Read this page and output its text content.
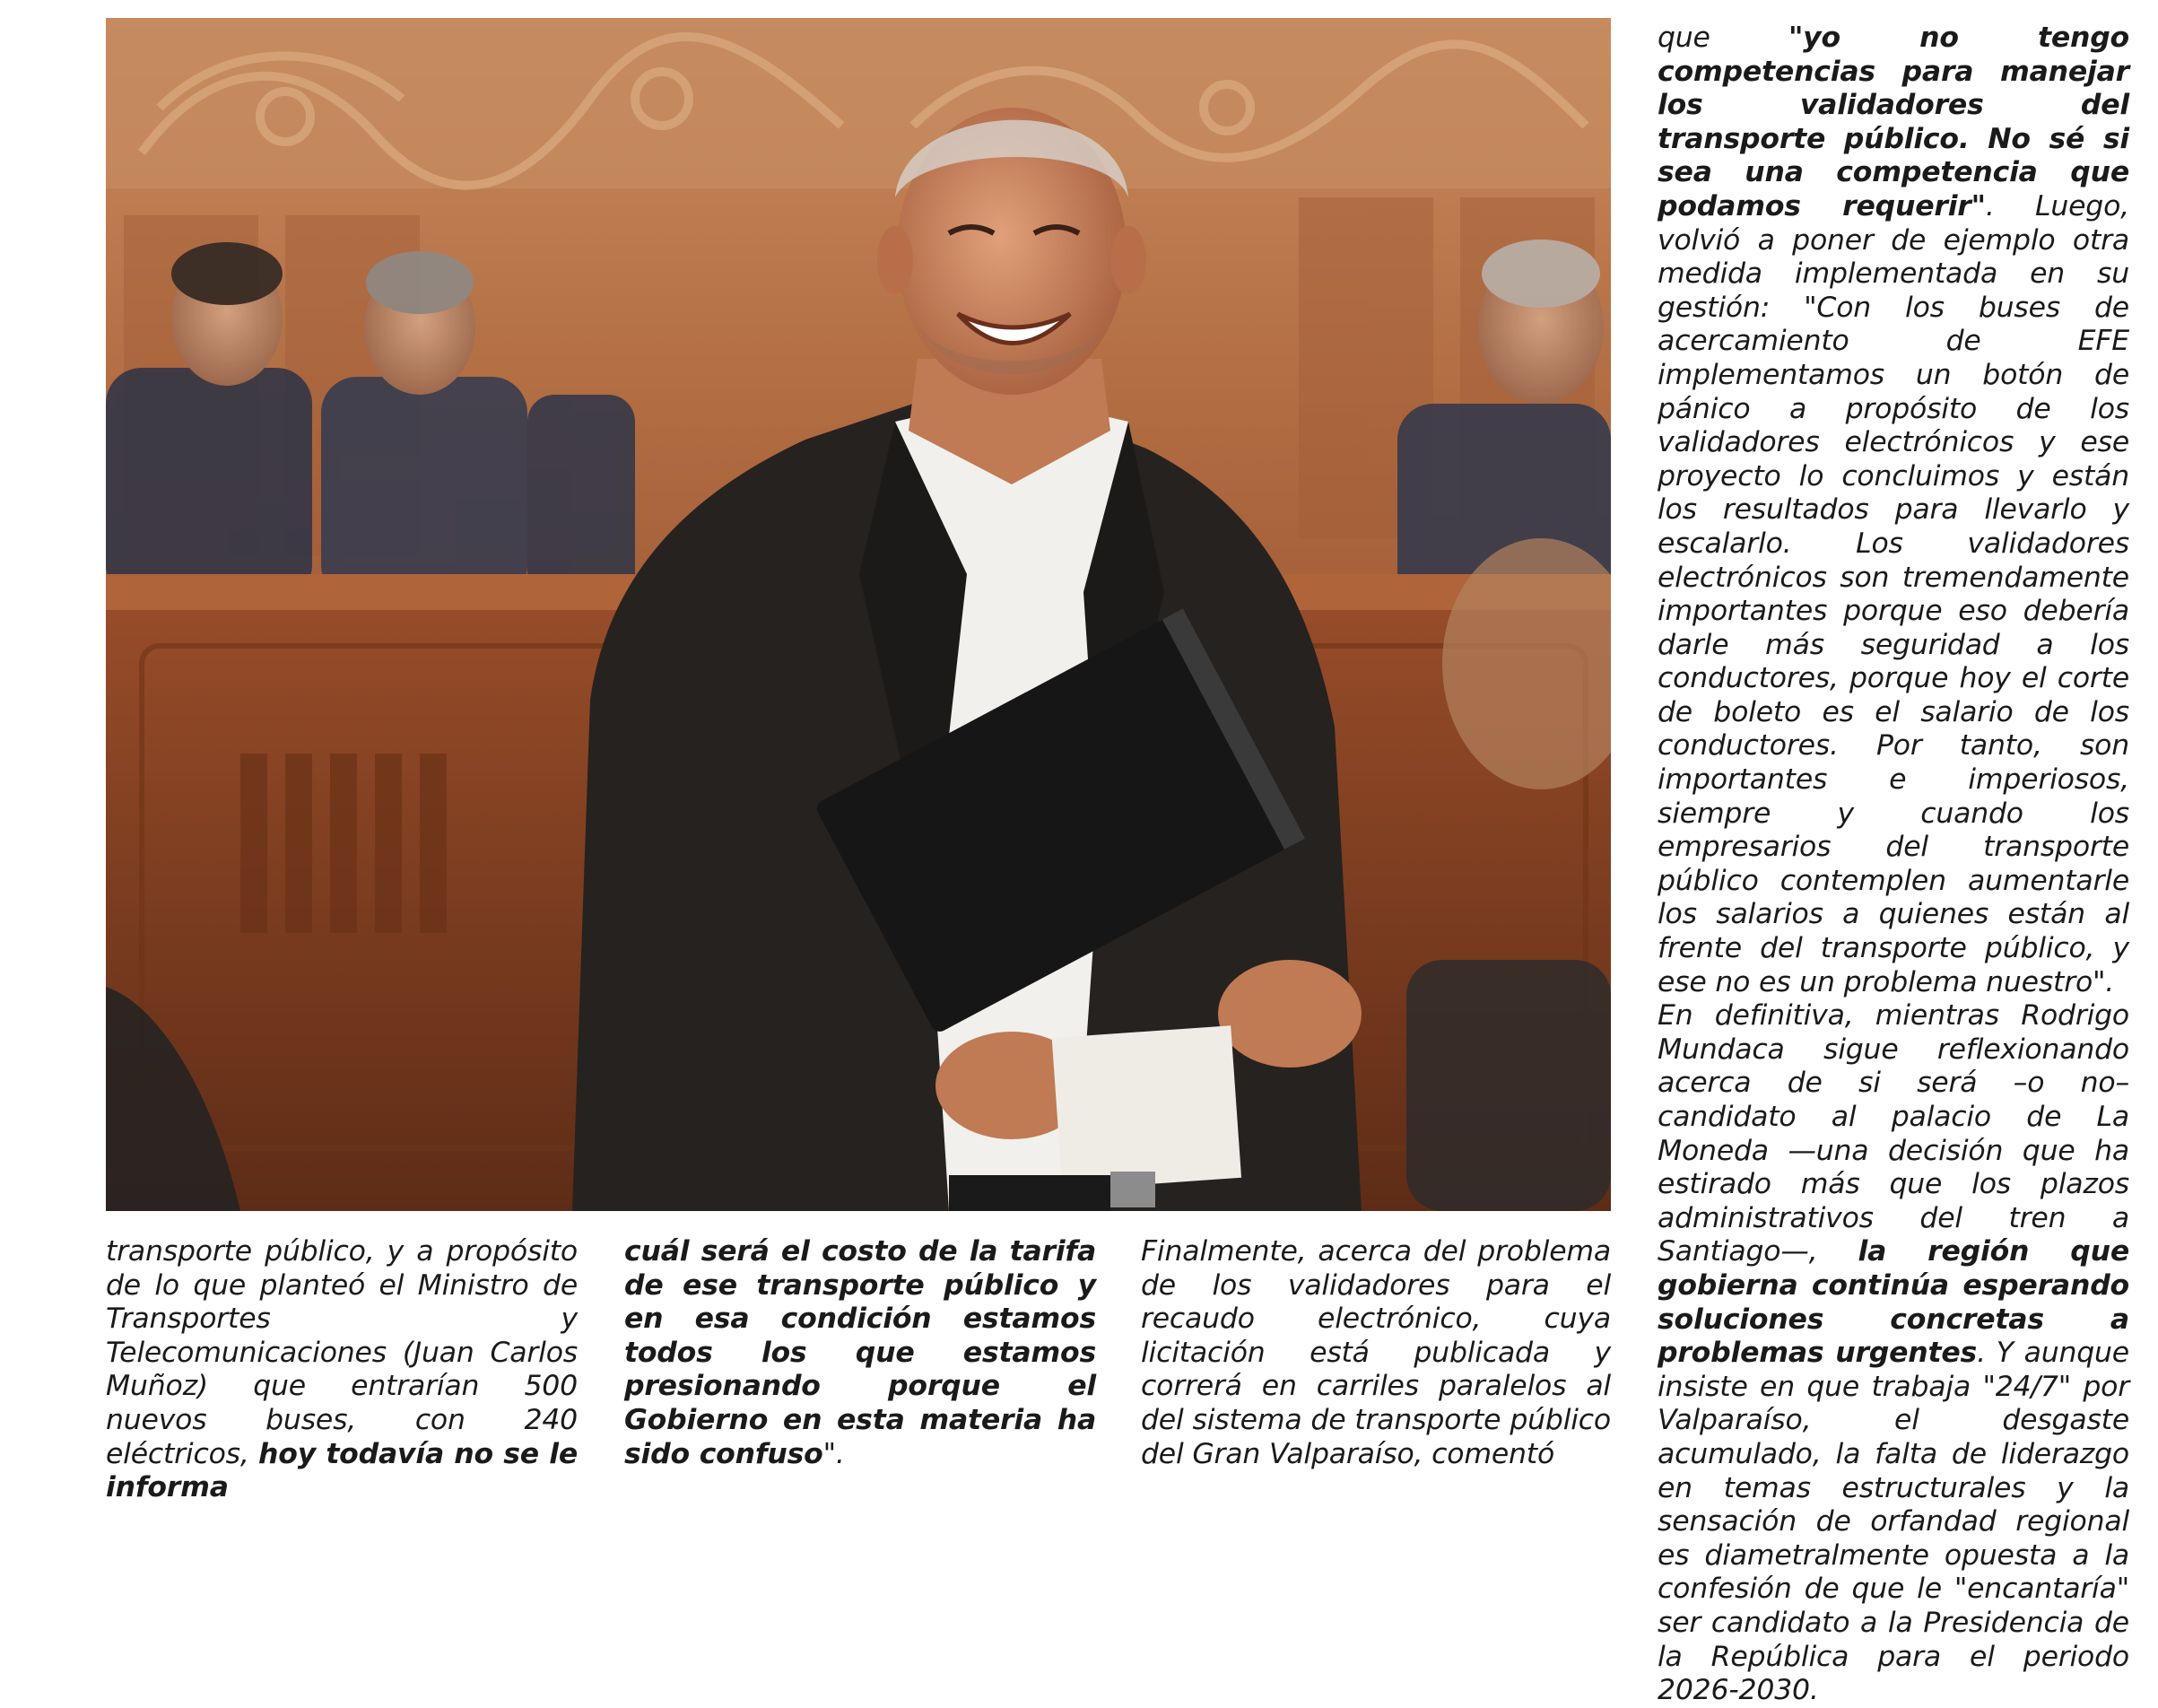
transporte público, y a propósito de lo que planteó el Ministro de Transportes y Telecomunicaciones (Juan Carlos Muñoz) que entrarían 500 nuevos buses, con 240 eléctricos, hoy todavía no se le informa

cuál será el costo de la tarifa de ese transporte público y en esa condición estamos todos los que estamos presionando porque el Gobierno en esta materia ha sido confuso".

Finalmente, acerca del problema de los validadores para el recaudo electrónico, cuya licitación está publicada y correrá en carriles paralelos al del sistema de transporte público del Gran Valparaíso, comentó

que "yo no tengo competencias para manejar los validadores del transporte público. No sé si sea una competencia que podamos requerir". Luego, volvió a poner de ejemplo otra medida implementada en su gestión: "Con los buses de acercamiento de EFE implementamos un botón de pánico a propósito de los validadores electrónicos y ese proyecto lo concluimos y están los resultados para llevarlo y escalarlo. Los validadores electrónicos son tremendamente importantes porque eso debería darle más seguridad a los conductores, porque hoy el corte de boleto es el salario de los conductores. Por tanto, son importantes e imperiosos, siempre y cuando los empresarios del transporte público contemplen aumentarle los salarios a quienes están al frente del transporte público, y ese no es un problema nuestro".

En definitiva, mientras Rodrigo Mundaca sigue reflexionando acerca de si será –o no– candidato al palacio de La Moneda —una decisión que ha estirado más que los plazos administrativos del tren a Santiago—, la región que gobierna continúa esperando soluciones concretas a problemas urgentes. Y aunque insiste en que trabaja "24/7" por Valparaíso, el desgaste acumulado, la falta de liderazgo en temas estructurales y la sensación de orfandad regional es diametralmente opuesta a la confesión de que le "encantaría" ser candidato a la Presidencia de la República para el periodo 2026-2030.
